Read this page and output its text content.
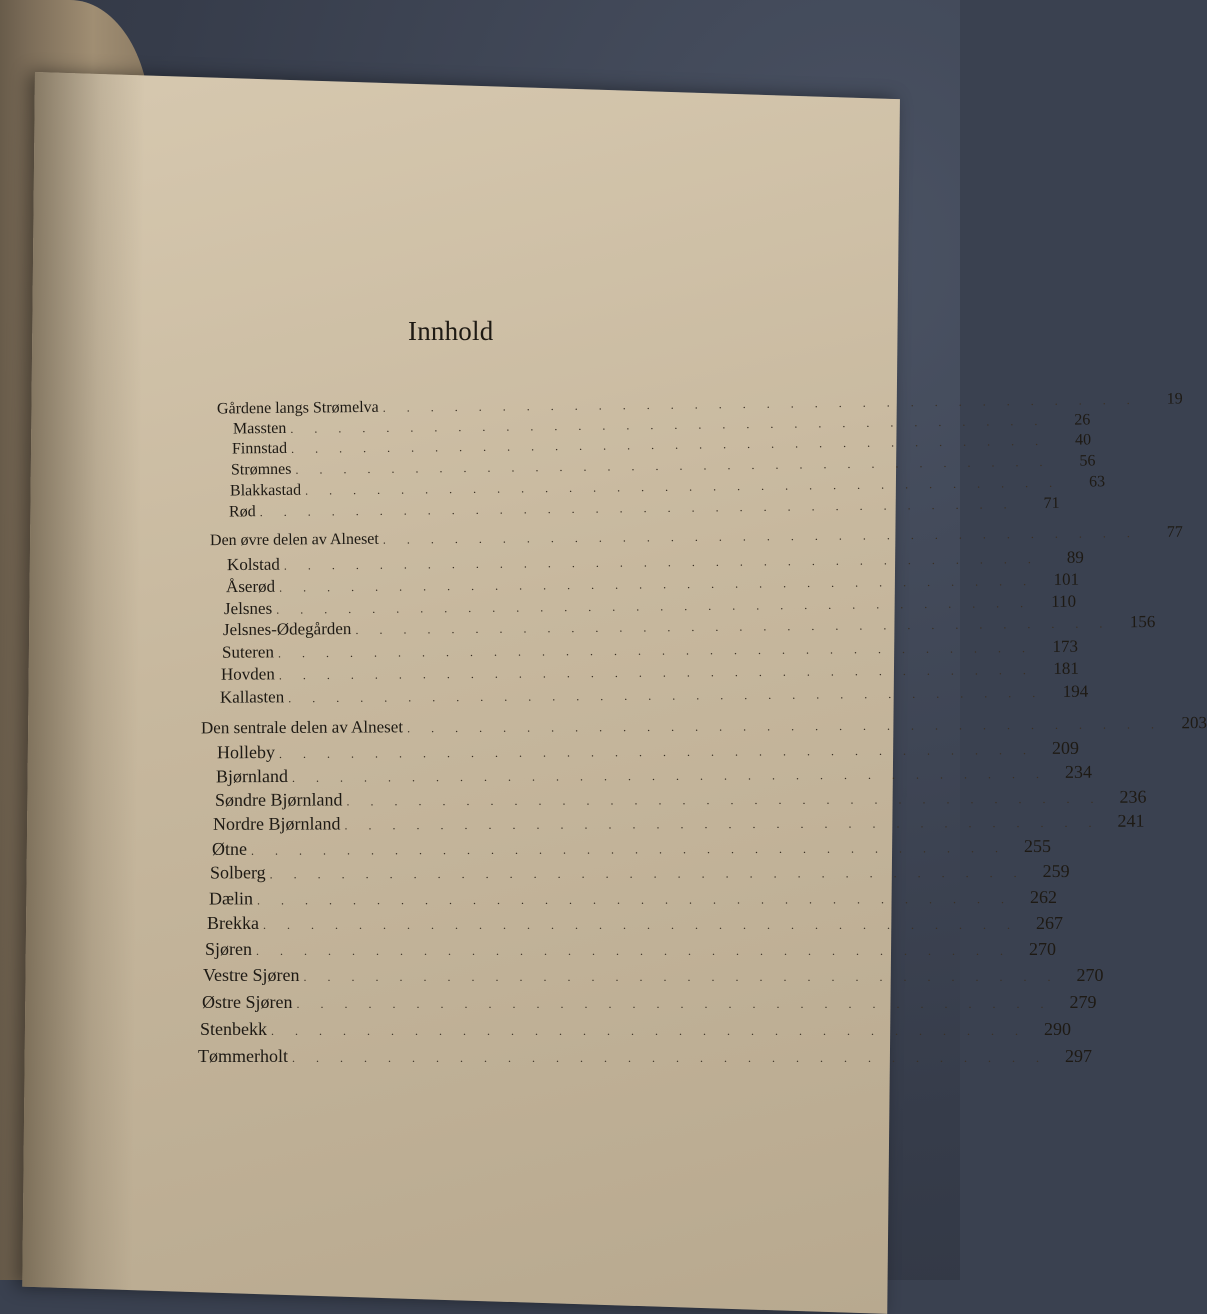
Innhold
Gårdene langs Strømelva . . . . . . . . . . . . . . . . . . . . . . . . . . . . . . . .	19
Massten . . . . . . . . . . . . . . . . . . . . . . . . . . . . . . . .	26
Finnstad . . . . . . . . . . . . . . . . . . . . . . . . . . . . . . . .	40
Strømnes . . . . . . . . . . . . . . . . . . . . . . . . . . . . . . . .	56
Blakkastad . . . . . . . . . . . . . . . . . . . . . . . . . . . . . . . .	63
Rød . . . . . . . . . . . . . . . . . . . . . . . . . . . . . . . .	71
Den øvre delen av Alneset . . . . . . . . . . . . . . . . . . . . . . . . . . . . . . . .	77
Kolstad . . . . . . . . . . . . . . . . . . . . . . . . . . . . . . . .	89
Åserød . . . . . . . . . . . . . . . . . . . . . . . . . . . . . . . .	101
Jelsnes . . . . . . . . . . . . . . . . . . . . . . . . . . . . . . . .	110
Jelsnes-Ødegården . . . . . . . . . . . . . . . . . . . . . . . . . . . . . . . .	156
Suteren . . . . . . . . . . . . . . . . . . . . . . . . . . . . . . . .	173
Hovden . . . . . . . . . . . . . . . . . . . . . . . . . . . . . . . .	181
Kallasten . . . . . . . . . . . . . . . . . . . . . . . . . . . . . . . .	194
Den sentrale delen av Alneset . . . . . . . . . . . . . . . . . . . . . . . . . . . . . . . .	203
Holleby . . . . . . . . . . . . . . . . . . . . . . . . . . . . . . . . 209
Bjørnland . . . . . . . . . . . . . . . . . . . . . . . . . . . . . . . . 234
Søndre Bjørnland . . . . . . . . . . . . . . . . . . . . . . . . . . . . . . . . 236
Nordre Bjørnland . . . . . . . . . . . . . . . . . . . . . . . . . . . . . . . . 241
Øtne . . . . . . . . . . . . . . . . . . . . . . . . . . . . . . . . 255
Solberg . . . . . . . . . . . . . . . . . . . . . . . . . . . . . . . . 259
Dælin . . . . . . . . . . . . . . . . . . . . . . . . . . . . . . . . 262
Brekka . . . . . . . . . . . . . . . . . . . . . . . . . . . . . . . . 267
Sjøren . . . . . . . . . . . . . . . . . . . . . . . . . . . . . . . . 270
Vestre Sjøren . . . . . . . . . . . . . . . . . . . . . . . . . . . . . . . . 270
Østre Sjøren . . . . . . . . . . . . . . . . . . . . . . . . . . . . . . . . 279
Stenbekk . . . . . . . . . . . . . . . . . . . . . . . . . . . . . . . . 290
Tømmerholt . . . . . . . . . . . . . . . . . . . . . . . . . . . . . . . . 297
